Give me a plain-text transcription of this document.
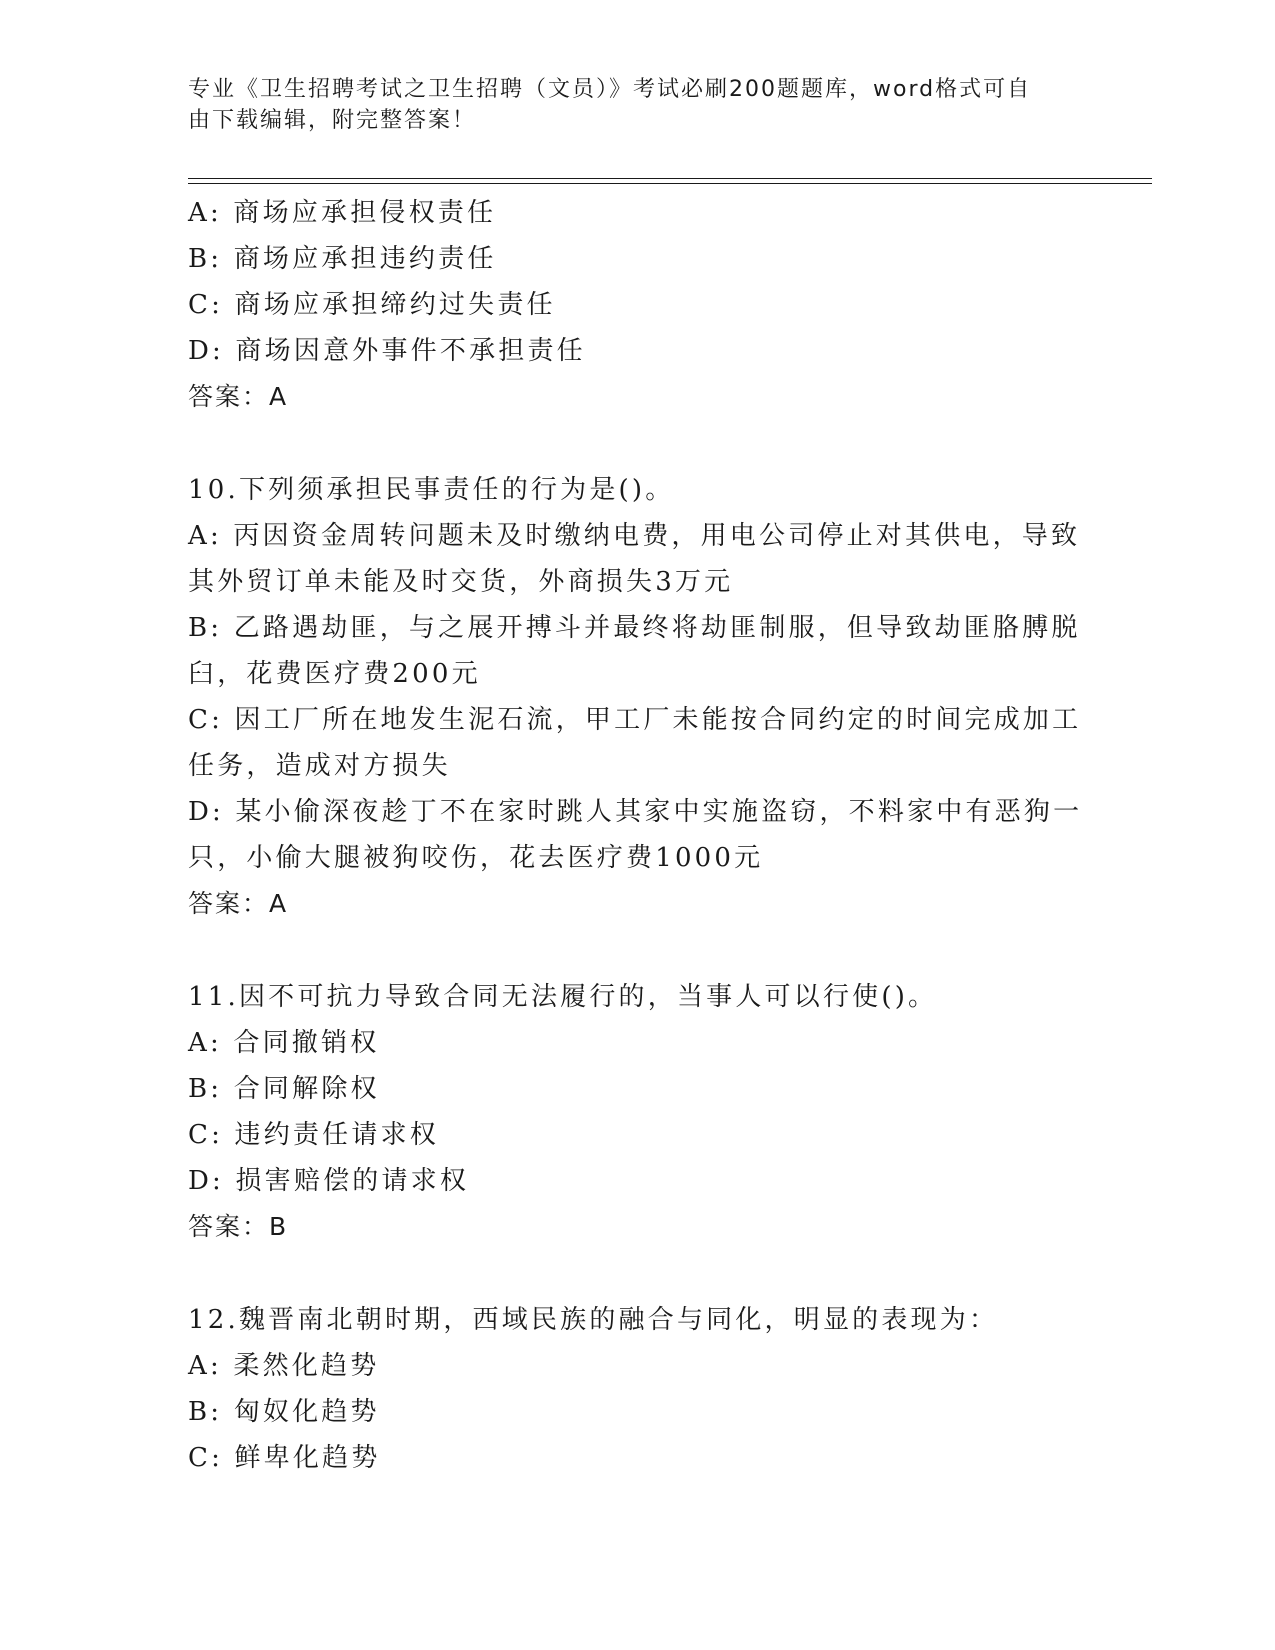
专业《卫生招聘考试之卫生招聘（文员）》考试必刷200题题库，word格式可自
由下载编辑，附完整答案！
A: 商场应承担侵权责任
B: 商场应承担违约责任
C: 商场应承担缔约过失责任
D: 商场因意外事件不承担责任
答案：A
10.下列须承担民事责任的行为是()。
A: 丙因资金周转问题未及时缴纳电费，用电公司停止对其供电，导致
其外贸订单未能及时交货，外商损失3万元
B: 乙路遇劫匪，与之展开搏斗并最终将劫匪制服，但导致劫匪胳膊脱
臼，花费医疗费200元
C: 因工厂所在地发生泥石流，甲工厂未能按合同约定的时间完成加工
任务，造成对方损失
D: 某小偷深夜趁丁不在家时跳人其家中实施盗窃，不料家中有恶狗一
只，小偷大腿被狗咬伤，花去医疗费1000元
答案：A
11.因不可抗力导致合同无法履行的，当事人可以行使()。
A: 合同撤销权
B: 合同解除权
C: 违约责任请求权
D: 损害赔偿的请求权
答案：B
12.魏晋南北朝时期，西域民族的融合与同化，明显的表现为：
A: 柔然化趋势
B: 匈奴化趋势
C: 鲜卑化趋势
